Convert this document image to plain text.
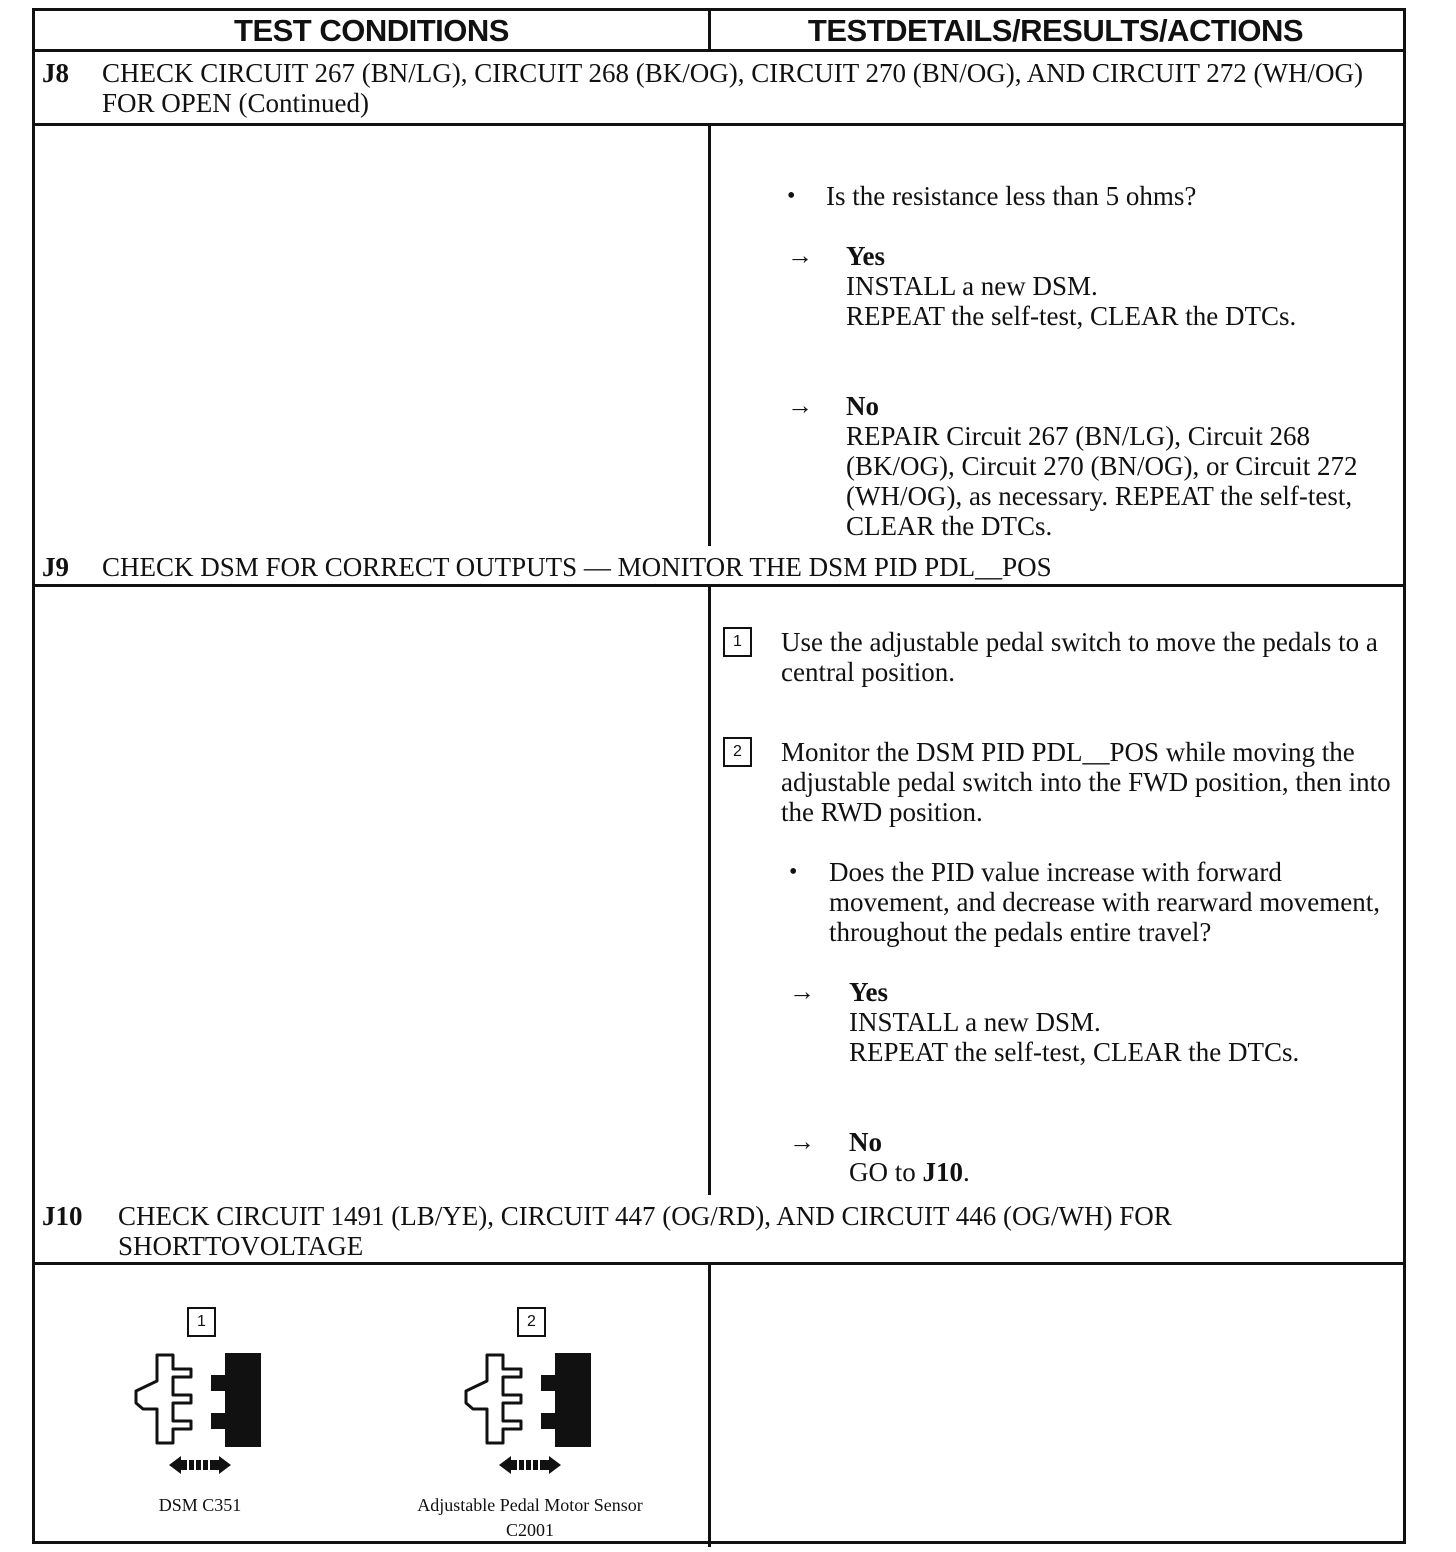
TEST CONDITIONS	TESTDETAILS/RESULTS/ACTIONS
J8 CHECK CIRCUIT 267 (BN/LG), CIRCUIT 268 (BK/OG), CIRCUIT 270 (BN/OG), AND CIRCUIT 272 (WH/OG) FOR OPEN (Continued)
• Is the resistance less than 5 ohms?
→ Yes
INSTALL a new DSM.
REPEAT the self-test, CLEAR the DTCs.
→ No
REPAIR Circuit 267 (BN/LG), Circuit 268 (BK/OG), Circuit 270 (BN/OG), or Circuit 272 (WH/OG), as necessary. REPEAT the self-test, CLEAR the DTCs.
J9 CHECK DSM FOR CORRECT OUTPUTS — MONITOR THE DSM PID PDL__POS
1	Use the adjustable pedal switch to move the pedals to a central position.
2	Monitor the DSM PID PDL__POS while moving the adjustable pedal switch into the FWD position, then into the RWD position.
• Does the PID value increase with forward movement, and decrease with rearward movement, throughout the pedals entire travel?
→ Yes
INSTALL a new DSM.
REPEAT the self-test, CLEAR the DTCs.
→ No
GO to J10.
J10 CHECK CIRCUIT 1491 (LB/YE), CIRCUIT 447 (OG/RD), AND CIRCUIT 446 (OG/WH) FOR SHORTTOVOLTAGE
1
DSM C351
2
Adjustable Pedal Motor Sensor
C2001
